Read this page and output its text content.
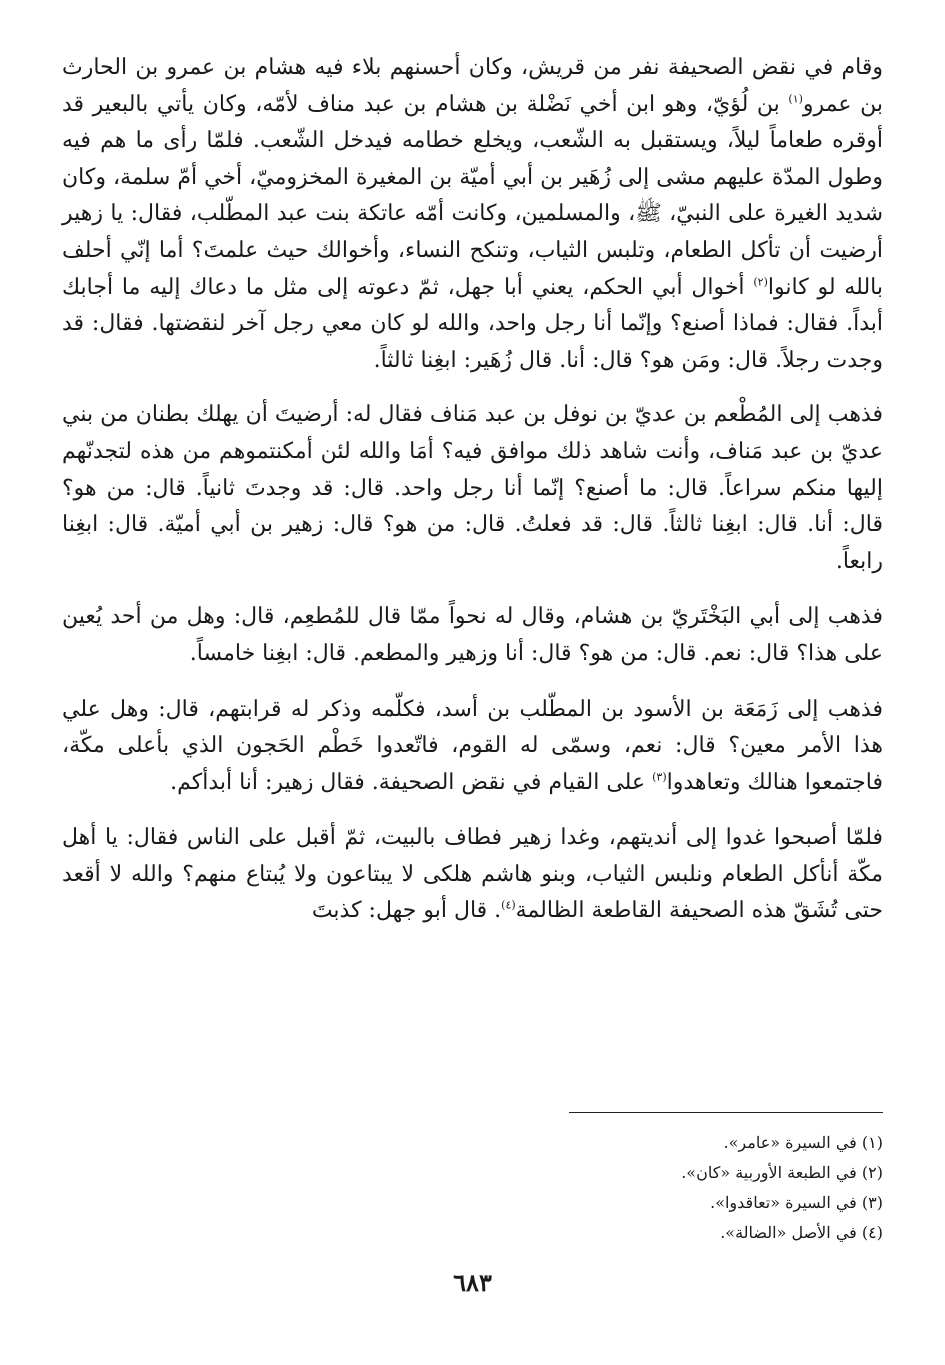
وقام في نقض الصحيفة نفر من قريش، وكان أحسنهم بلاء فيه هشام بن عمرو بن الحارث بن عمرو$^{(١)}$ بن لُؤيّ، وهو ابن أخي نَضْلة بن هشام بن عبد مناف لأمّه، وكان يأتي بالبعير قد أوقره طعاماً ليلاً، ويستقبل به الشّعب، ويخلع خطامه فيدخل الشّعب. فلمّا رأى ما هم فيه وطول المدّة عليهم مشى إلى زُهَير بن أبي أميّة بن المغيرة المخزوميّ، أخي أمّ سلمة، وكان شديد الغيرة على النبيّ، ﷺ، والمسلمين، وكانت أمّه عاتكة بنت عبد المطّلب، فقال: يا زهير أرضيت أن تأكل الطعام، وتلبس الثياب، وتنكح النساء، وأخوالك حيث علمتَ؟ أما إنّي أحلف بالله لو كانوا$^{(٢)}$ أخوال أبي الحكم، يعني أبا جهل، ثمّ دعوته إلى مثل ما دعاك إليه ما أجابك أبداً. فقال: فماذا أصنع؟ وإنّما أنا رجل واحد، والله لو كان معي رجل آخر لنقضتها. فقال: قد وجدت رجلاً. قال: ومَن هو؟ قال: أنا. قال زُهَير: ابغِنا ثالثاً.

فذهب إلى المُطْعم بن عديّ بن نوفل بن عبد مَناف فقال له: أرضيتَ أن يهلك بطنان من بني عديّ بن عبد مَناف، وأنت شاهد ذلك موافق فيه؟ أمَا والله لئن أمكنتموهم من هذه لتجدنّهم إليها منكم سراعاً. قال: ما أصنع؟ إنّما أنا رجل واحد. قال: قد وجدتَ ثانياً. قال: من هو؟ قال: أنا. قال: ابغِنا ثالثاً. قال: قد فعلتُ. قال: من هو؟ قال: زهير بن أبي أميّة. قال: ابغِنا رابعاً.

فذهب إلى أبي البَخْتَريّ بن هشام، وقال له نحواً ممّا قال للمُطعِم، قال: وهل من أحد يُعين على هذا؟ قال: نعم. قال: من هو؟ قال: أنا وزهير والمطعم. قال: ابغِنا خامساً.

فذهب إلى زَمَعَة بن الأسود بن المطّلب بن أسد، فكلّمه وذكر له قرابتهم، قال: وهل علي هذا الأمر معين؟ قال: نعم، وسمّى له القوم، فاتّعدوا خَطْم الحَجون الذي بأعلى مكّة، فاجتمعوا هنالك وتعاهدوا$^{(٣)}$ على القيام في نقض الصحيفة. فقال زهير: أنا أبدأكم.

فلمّا أصبحوا غدوا إلى أنديتهم، وغدا زهير فطاف بالبيت، ثمّ أقبل على الناس فقال: يا أهل مكّة أنأكل الطعام ونلبس الثياب، وبنو هاشم هلكى لا يبتاعون ولا يُبتاع منهم؟ والله لا أقعد حتى تُشَقّ هذه الصحيفة القاطعة الظالمة$^{(٤)}$. قال أبو جهل: كذبتَ

(١) في السيرة «عامر».

(٢) في الطبعة الأوربية «كان».

(٣) في السيرة «تعاقدوا».

(٤) في الأصل «الضالة».

٦٨٣
